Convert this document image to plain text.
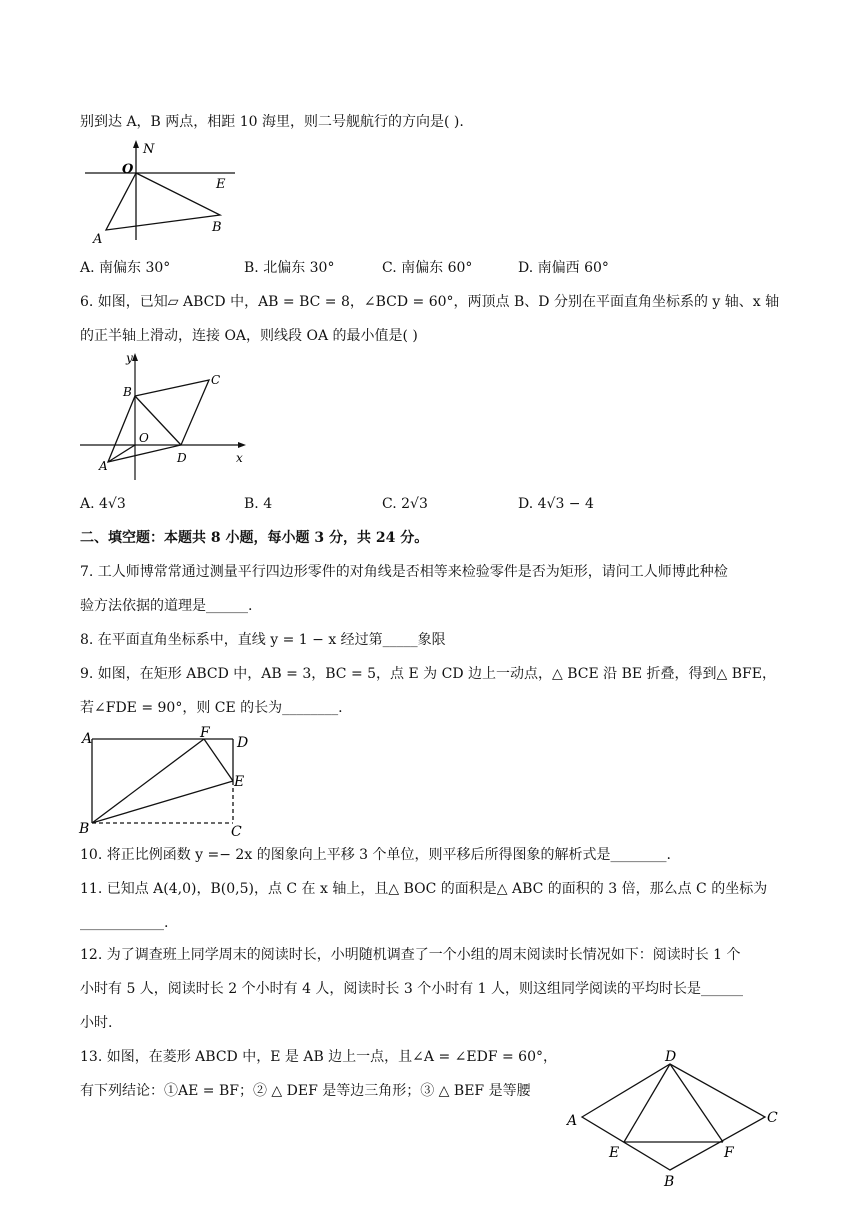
别到达 A，B 两点，相距 10 海里，则二号舰航行的方向是( ).
O
N
E
A
B
A. 南偏东 30°	B. 北偏东 30°	C. 南偏东 60°	D. 南偏西 60°
6. 如图，已知▱ ABCD 中，AB = BC = 8，∠BCD = 60°，两顶点 B、D 分别在平面直角坐标系的 y 轴、x 轴
的正半轴上滑动，连接 OA，则线段 OA 的最小值是( )
y
x
O
A
B
C
D
A. 4√3	B. 4	C. 2√3	D. 4√3 − 4
二、填空题：本题共 8 小题，每小题 3 分，共 24 分。
7. 工人师博常常通过测量平行四边形零件的对角线是否相等来检验零件是否为矩形，请问工人师博此种检
验方法依据的道理是______.
8. 在平面直角坐标系中，直线 y = 1 − x 经过第_____象限
9. 如图，在矩形 ABCD 中，AB = 3，BC = 5，点 E 为 CD 边上一动点，△ BCE 沿 BE 折叠，得到△ BFE，
若∠FDE = 90°，则 CE 的长为________.
A	F
D
E
B	C
10. 将正比例函数 y =− 2x 的图象向上平移 3 个单位，则平移后所得图象的解析式是________.
11. 已知点 A(4,0)，B(0,5)，点 C 在 x 轴上，且△ BOC 的面积是△ ABC 的面积的 3 倍，那么点 C 的坐标为
____________.
12. 为了调查班上同学周末的阅读时长，小明随机调查了一个小组的周末阅读时长情况如下：阅读时长 1 个
小时有 5 人，阅读时长 2 个小时有 4 人，阅读时长 3 个小时有 1 人，则这组同学阅读的平均时长是______
小时.
13. 如图，在菱形 ABCD 中，E 是 AB 边上一点，且∠A = ∠EDF = 60°，
有下列结论：①AE = BF；② △ DEF 是等边三角形；③ △ BEF 是等腰
D
A	C
E	F
B
